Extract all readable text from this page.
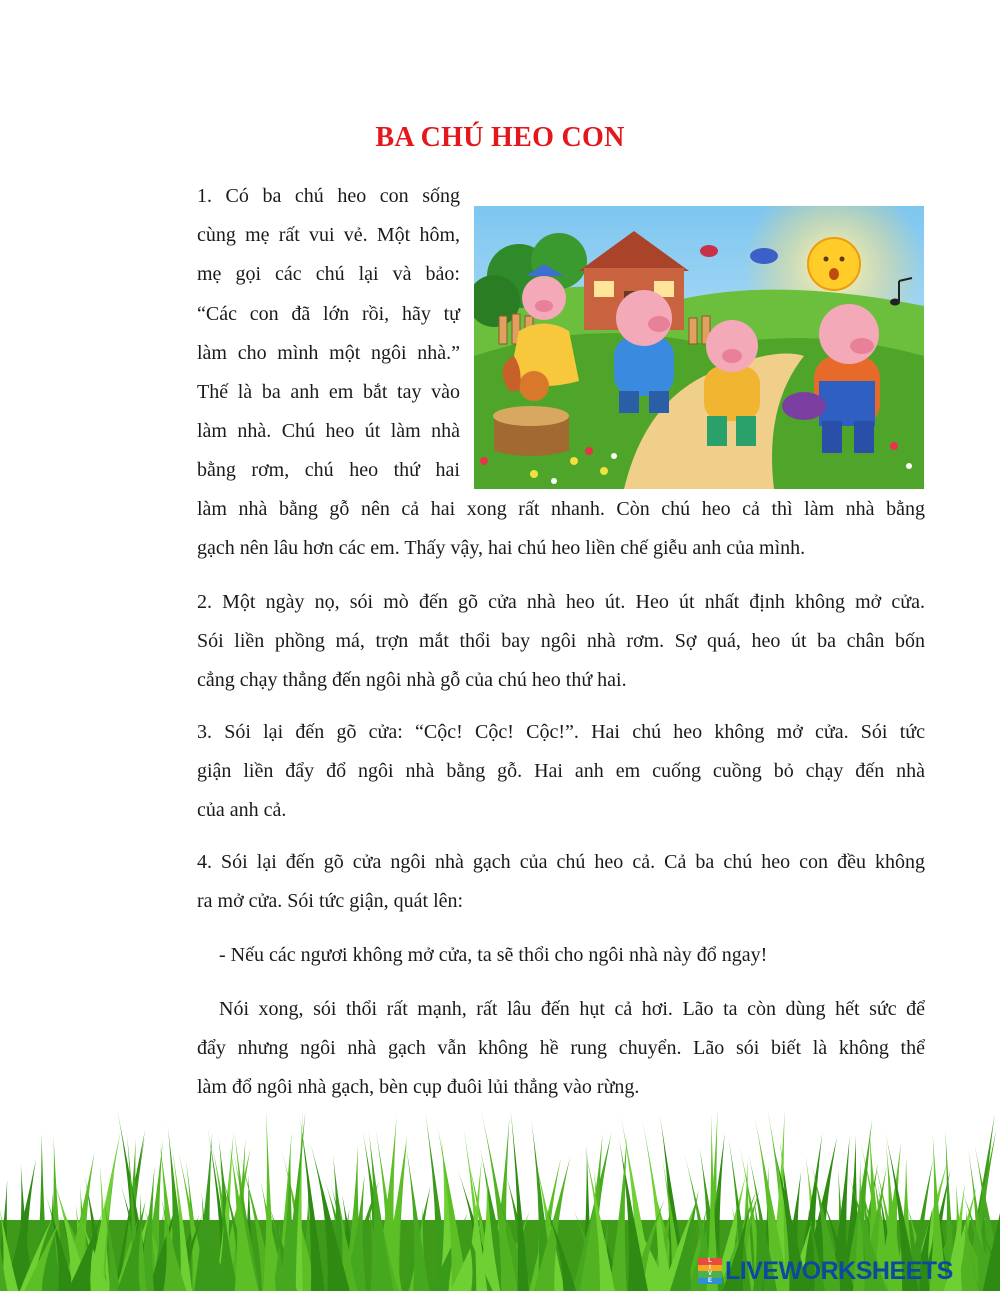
BA CHÚ HEO CON
1. Có ba chú heo con sống
cùng mẹ rất vui vẻ. Một hôm,
mẹ gọi các chú lại và bảo:
“Các con đã lớn rồi, hãy tự
làm cho mình một ngôi nhà.”
Thế là ba anh em bắt tay vào
làm nhà. Chú heo út làm nhà
bằng rơm, chú heo thứ hai
làm nhà bằng gỗ nên cả hai xong rất nhanh. Còn chú heo cả thì làm nhà bằng
gạch nên lâu hơn các em. Thấy vậy, hai chú heo liền chế giễu anh của mình.
2. Một ngày nọ, sói mò đến gõ cửa nhà heo út. Heo út nhất định không mở cửa.
Sói liền phồng má, trợn mắt thổi bay ngôi nhà rơm. Sợ quá, heo út ba chân bốn
cẳng chạy thẳng đến ngôi nhà gỗ của chú heo thứ hai.
3. Sói lại đến gõ cửa: “Cộc! Cộc! Cộc!”. Hai chú heo không mở cửa. Sói tức
giận liền đẩy đổ ngôi nhà bằng gỗ. Hai anh em cuống cuồng bỏ chạy đến nhà
của anh cả.
4. Sói lại đến gõ cửa ngôi nhà gạch của chú heo cả. Cả ba chú heo con đều không
ra mở cửa. Sói tức giận, quát lên:
- Nếu các ngươi không mở cửa, ta sẽ thổi cho ngôi nhà này đổ ngay!
Nói xong, sói thổi rất mạnh, rất lâu đến hụt cả hơi. Lão ta còn dùng hết sức để
đẩy nhưng ngôi nhà gạch vẫn không hề rung chuyển. Lão sói biết là không thể
làm đổ ngôi nhà gạch, bèn cụp đuôi lủi thẳng vào rừng.
L
I
V
E LIVEWORKSHEETS
